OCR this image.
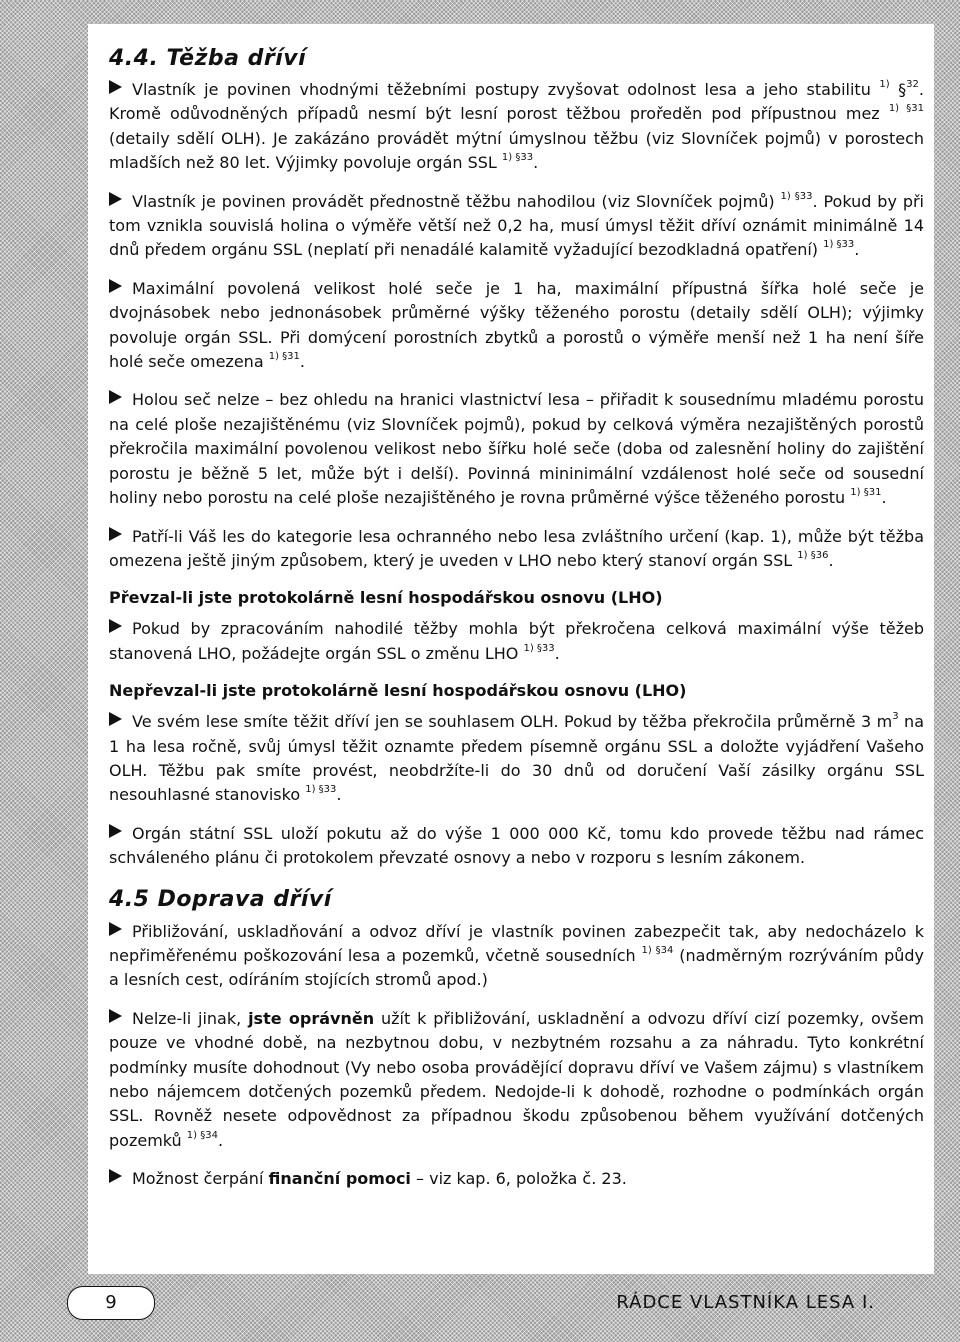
4.4. Těžba dříví

Vlastník je povinen vhodnými těžebními postupy zvyšovat odolnost lesa a jeho stabilitu $^{1)}$ §$^{32}$. Kromě odůvodněných případů nesmí být lesní porost těžbou proředěn pod přípustnou mez $^{1) \S 31}$ (detaily sdělí OLH). Je zakázáno provádět mýtní úmyslnou těžbu (viz Slovníček pojmů) v porostech mladších než 80 let. Výjimky povoluje orgán SSL $^{1) \S 33}$.

Vlastník je povinen provádět přednostně těžbu nahodilou (viz Slovníček pojmů) $^{1) \S 33}$. Pokud by při tom vznikla souvislá holina o výměře větší než 0,2 ha, musí úmysl těžit dříví oznámit minimálně 14 dnů předem orgánu SSL (neplatí při nenadálé kalamitě vyžadující bezodkladná opatření) $^{1) \S 33}$.

Maximální povolená velikost holé seče je 1 ha, maximální přípustná šířka holé seče je dvojnásobek nebo jednonásobek průměrné výšky těženého porostu (detaily sdělí OLH); výjimky povoluje orgán SSL. Při domýcení porostních zbytků a porostů o výměře menší než 1 ha není šíře holé seče omezena $^{1) \S 31}$.

Holou seč nelze – bez ohledu na hranici vlastnictví lesa – přiřadit k sousednímu mladému porostu na celé ploše nezajištěnému (viz Slovníček pojmů), pokud by celková výměra nezajištěných porostů překročila maximální povolenou velikost nebo šířku holé seče (doba od zalesnění holiny do zajištění porostu je běžně 5 let, může být i delší). Povinná mininimální vzdálenost holé seče od sousední holiny nebo porostu na celé ploše nezajištěného je rovna průměrné výšce těženého porostu $^{1) \S 31}$.

Patří-li Váš les do kategorie lesa ochranného nebo lesa zvláštního určení (kap. 1), může být těžba omezena ještě jiným způsobem, který je uveden v LHO nebo který stanoví orgán SSL $^{1) \S 36}$.

Převzal-li jste protokolárně lesní hospodářskou osnovu (LHO)

Pokud by zpracováním nahodilé těžby mohla být překročena celková maximální výše těžeb stanovená LHO, požádejte orgán SSL o změnu LHO $^{1) \S 33}$.

Nepřevzal-li jste protokolárně lesní hospodářskou osnovu (LHO)

Ve svém lese smíte těžit dříví jen se souhlasem OLH. Pokud by těžba překročila průměrně 3 $m^3$ na 1 ha lesa ročně, svůj úmysl těžit oznamte předem písemně orgánu SSL a doložte vyjádření Vašeho OLH. Těžbu pak smíte provést, neobdržíte-li do 30 dnů od doručení Vaší zásilky orgánu SSL nesouhlasné stanovisko $^{1) \S 33}$.

Orgán státní SSL uloží pokutu až do výše 1 000 000 Kč, tomu kdo provede těžbu nad rámec schváleného plánu či protokolem převzaté osnovy a nebo v rozporu s lesním zákonem.

4.5 Doprava dříví

Přibližování, uskladňování a odvoz dříví je vlastník povinen zabezpečit tak, aby nedocházelo k nepřiměřenému poškozování lesa a pozemků, včetně sousedních $^{1) \S 34}$ (nadměrným rozrýváním půdy a lesních cest, odíráním stojících stromů apod.)

Nelze-li jinak, jste oprávněn užít k přibližování, uskladnění a odvozu dříví cizí pozemky, ovšem pouze ve vhodné době, na nezbytnou dobu, v nezbytném rozsahu a za náhradu. Tyto konkrétní podmínky musíte dohodnout (Vy nebo osoba provádějící dopravu dříví ve Vašem zájmu) s vlastníkem nebo nájemcem dotčených pozemků předem. Nedojde-li k dohodě, rozhodne o podmínkách orgán SSL. Rovněž nesete odpovědnost za případnou škodu způsobenou během využívání dotčených pozemků $^{1) \S 34}$.

Možnost čerpání finanční pomoci – viz kap. 6, položka č. 23.

9	RÁDCE VLASTNÍKA LESA I.
